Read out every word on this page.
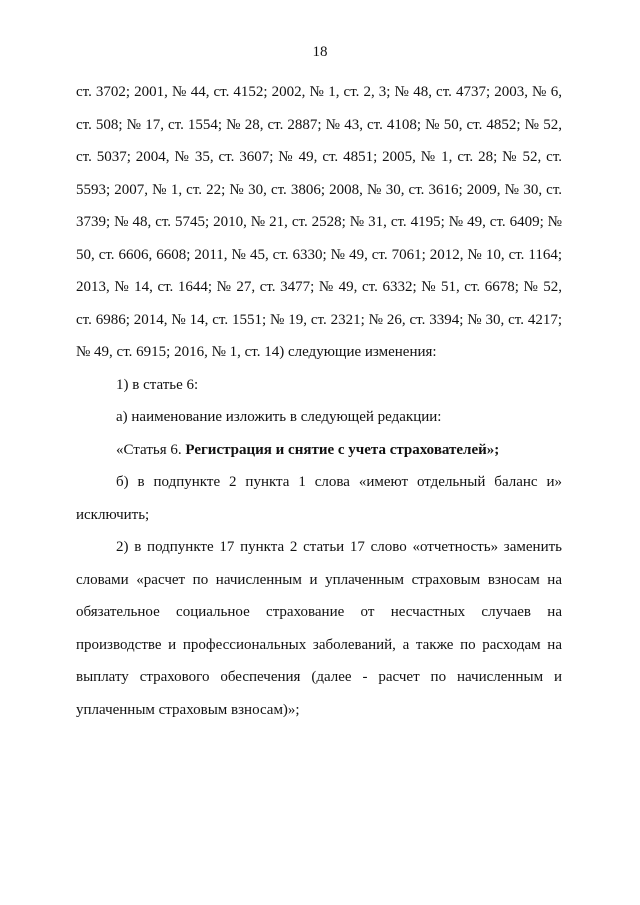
18

ст. 3702; 2001, № 44, ст. 4152; 2002, № 1, ст. 2, 3; № 48, ст. 4737; 2003, № 6, ст. 508; № 17, ст. 1554; № 28, ст. 2887; № 43, ст. 4108; № 50, ст. 4852; № 52, ст. 5037; 2004, № 35, ст. 3607; № 49, ст. 4851; 2005, № 1, ст. 28; № 52, ст. 5593; 2007, № 1, ст. 22; № 30, ст. 3806; 2008, № 30, ст. 3616; 2009, № 30, ст. 3739; № 48, ст. 5745; 2010, № 21, ст. 2528; № 31, ст. 4195; № 49, ст. 6409; № 50, ст. 6606, 6608; 2011, № 45, ст. 6330; № 49, ст. 7061; 2012, № 10, ст. 1164; 2013, № 14, ст. 1644; № 27, ст. 3477; № 49, ст. 6332; № 51, ст. 6678; № 52, ст. 6986; 2014, № 14, ст. 1551; № 19, ст. 2321; № 26, ст. 3394; № 30, ст. 4217; № 49, ст. 6915; 2016, № 1, ст. 14) следующие изменения:

1) в статье 6:

а) наименование изложить в следующей редакции:

«Статья 6. Регистрация и снятие с учета страхователей»;

б) в подпункте 2 пункта 1 слова «имеют отдельный баланс и» исключить;

2) в подпункте 17 пункта 2 статьи 17 слово «отчетность» заменить словами «расчет по начисленным и уплаченным страховым взносам на обязательное социальное страхование от несчастных случаев на производстве и профессиональных заболеваний, а также по расходам на выплату страхового обеспечения (далее - расчет по начисленным и уплаченным страховым взносам)»;
